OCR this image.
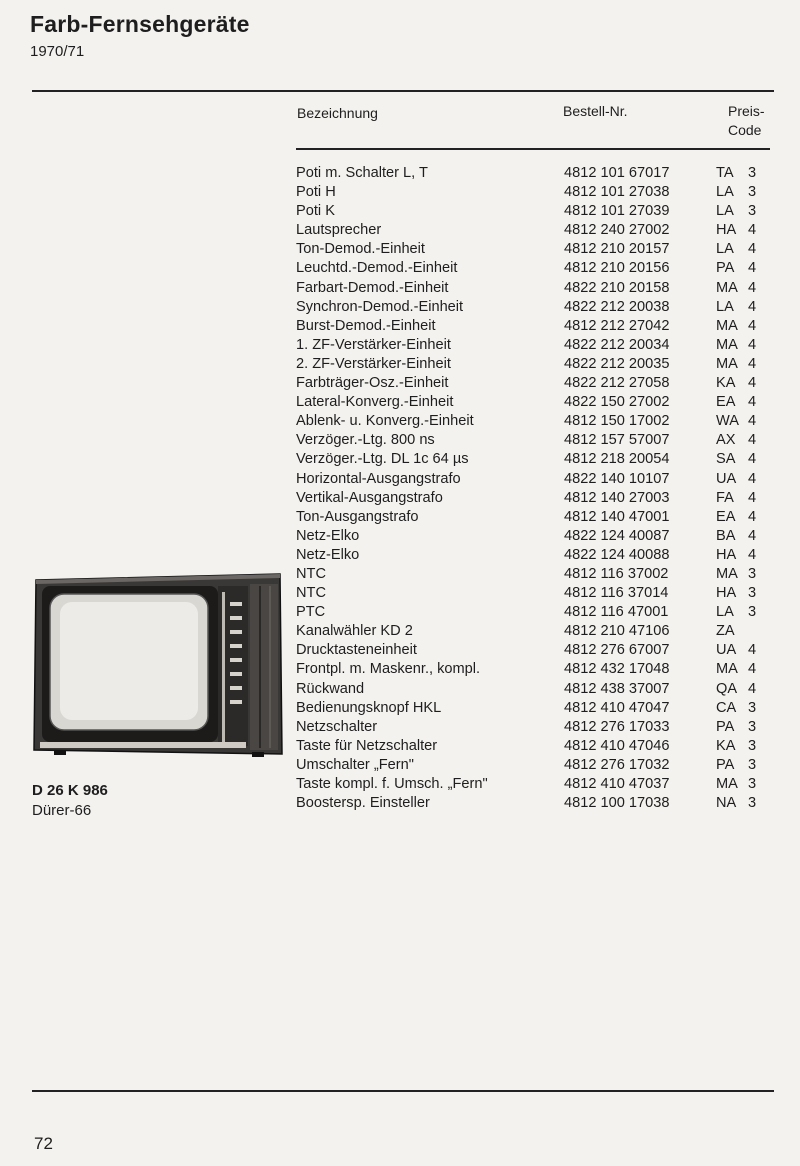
Farb-Fernsehgeräte
1970/71
Bezeichnung	Bestell-Nr.	Preis-
Code
Poti m. Schalter L, T	4812 101 67017	TA	3
Poti H	4812 101 27038	LA	3
Poti K	4812 101 27039	LA	3
Lautsprecher	4812 240 27002	HA	4
Ton-Demod.-Einheit	4812 210 20157	LA	4
Leuchtd.-Demod.-Einheit	4812 210 20156	PA	4
Farbart-Demod.-Einheit	4822 210 20158	MA	4
Synchron-Demod.-Einheit	4822 212 20038	LA	4
Burst-Demod.-Einheit	4812 212 27042	MA	4
1. ZF-Verstärker-Einheit	4822 212 20034	MA	4
2. ZF-Verstärker-Einheit	4822 212 20035	MA	4
Farbträger-Osz.-Einheit	4822 212 27058	KA	4
Lateral-Konverg.-Einheit	4822 150 27002	EA	4
Ablenk- u. Konverg.-Einheit	4812 150 17002	WA	4
Verzöger.-Ltg. 800 ns	4812 157 57007	AX	4
Verzöger.-Ltg. DL 1c 64 µs	4812 218 20054	SA	4
Horizontal-Ausgangstrafo	4822 140 10107	UA	4
Vertikal-Ausgangstrafo	4812 140 27003	FA	4
Ton-Ausgangstrafo	4812 140 47001	EA	4
Netz-Elko	4822 124 40087	BA	4
Netz-Elko	4822 124 40088	HA	4
NTC	4812 116 37002	MA	3
NTC	4812 116 37014	HA	3
PTC	4812 116 47001	LA	3
Kanalwähler KD 2	4812 210 47106	ZA	
Drucktasteneinheit	4812 276 67007	UA	4
Frontpl. m. Maskenr., kompl.	4812 432 17048	MA	4
Rückwand	4812 438 37007	QA	4
Bedienungsknopf HKL	4812 410 47047	CA	3
Netzschalter	4812 276 17033	PA	3
Taste für Netzschalter	4812 410 47046	KA	3
Umschalter „Fern"	4812 276 17032	PA	3
Taste kompl. f. Umsch. „Fern"	4812 410 47037	MA	3
Boostersp. Einsteller	4812 100 17038	NA	3
D 26 K 986
Dürer-66
72
